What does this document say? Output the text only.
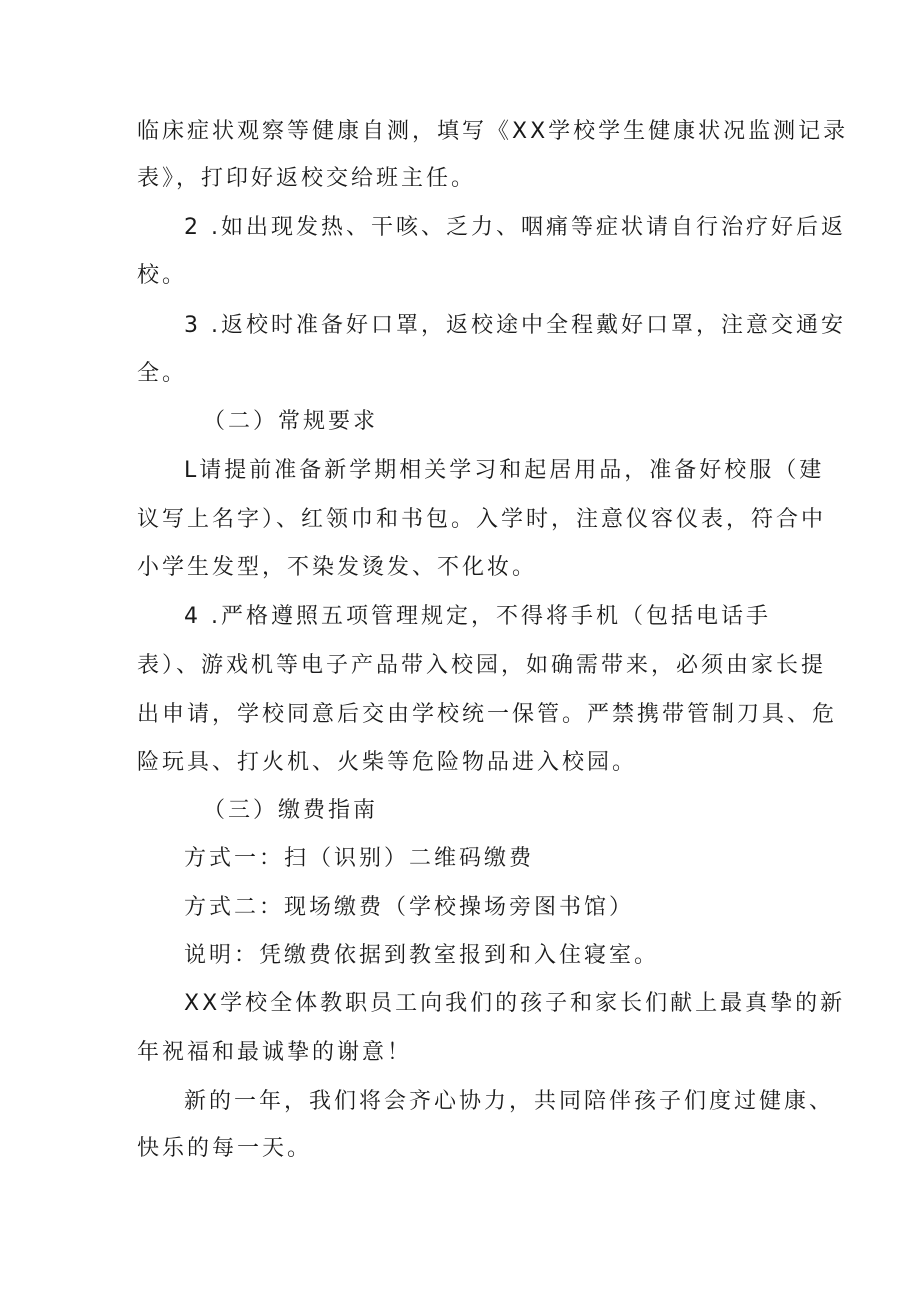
临床症状观察等健康自测，填写《XX学校学生健康状况监测记录
表》，打印好返校交给班主任。
2 .如出现发热、干咳、乏力、咽痛等症状请自行治疗好后返
校。
3 .返校时准备好口罩，返校途中全程戴好口罩，注意交通安
全。
（二）常规要求
L请提前准备新学期相关学习和起居用品，准备好校服（建
议写上名字）、红领巾和书包。入学时，注意仪容仪表，符合中
小学生发型，不染发烫发、不化妆。
4 .严格遵照五项管理规定，不得将手机（包括电话手
表）、游戏机等电子产品带入校园，如确需带来，必须由家长提
出申请，学校同意后交由学校统一保管。严禁携带管制刀具、危
险玩具、打火机、火柴等危险物品进入校园。
（三）缴费指南
方式一：扫（识别）二维码缴费
方式二：现场缴费（学校操场旁图书馆）
说明：凭缴费依据到教室报到和入住寝室。
XX学校全体教职员工向我们的孩子和家长们献上最真挚的新
年祝福和最诚挚的谢意！
新的一年，我们将会齐心协力，共同陪伴孩子们度过健康、
快乐的每一天。
